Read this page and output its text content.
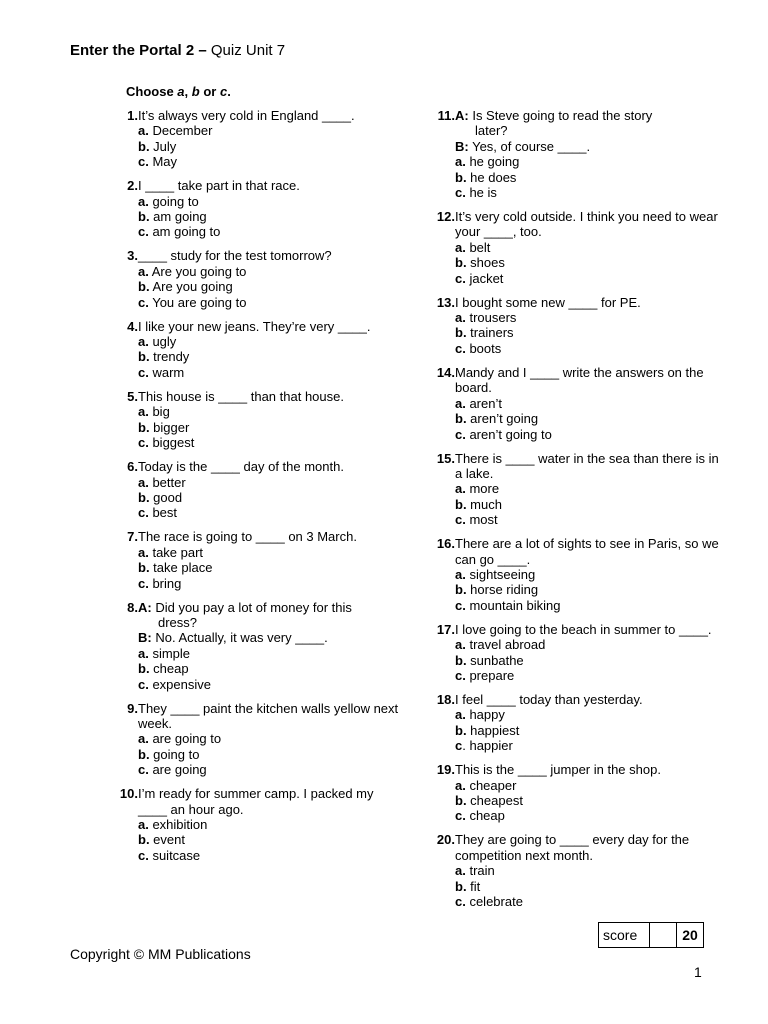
Enter the Portal 2 – Quiz Unit 7
Choose a, b or c.
1. It’s always very cold in England ____.
a. December
b. July
c. May
2. I ____ take part in that race.
a. going to
b. am going
c. am going to
3. ____ study for the test tomorrow?
a. Are you going to
b. Are you going
c. You are going to
4. I like your new jeans. They’re very ____.
a. ugly
b. trendy
c. warm
5. This house is ____ than that house.
a. big
b. bigger
c. biggest
6. Today is the ____ day of the month.
a. better
b. good
c. best
7. The race is going to ____ on 3 March.
a. take part
b. take place
c. bring
8. A: Did you pay a lot of money for this
dress?
B: No. Actually, it was very ____.
a. simple
b. cheap
c. expensive
9. They ____ paint the kitchen walls yellow next week.
a. are going to
b. going to
c. are going
10. I’m ready for summer camp. I packed my ____ an hour ago.
a. exhibition
b. event
c. suitcase
11. A: Is Steve going to read the story
later?
B: Yes, of course ____.
a. he going
b. he does
c. he is
12. It’s very cold outside. I think you need to wear your ____, too.
a. belt
b. shoes
c. jacket
13. I bought some new ____ for PE.
a. trousers
b. trainers
c. boots
14. Mandy and I ____ write the answers on the board.
a. aren’t
b. aren’t going
c. aren’t going to
15. There is ____ water in the sea than there is in a lake.
a. more
b. much
c. most
16. There are a lot of sights to see in Paris, so we can go ____.
a. sightseeing
b. horse riding
c. mountain biking
17. I love going to the beach in summer to ____.
a. travel abroad
b. sunbathe
c. prepare
18. I feel ____ today than yesterday.
a. happy
b. happiest
c. happier
19. This is the ____ jumper in the shop.
a. cheaper
b. cheapest
c. cheap
20. They are going to ____ every day for the competition next month.
a. train
b. fit
c. celebrate
score	20
Copyright © MM Publications
1
